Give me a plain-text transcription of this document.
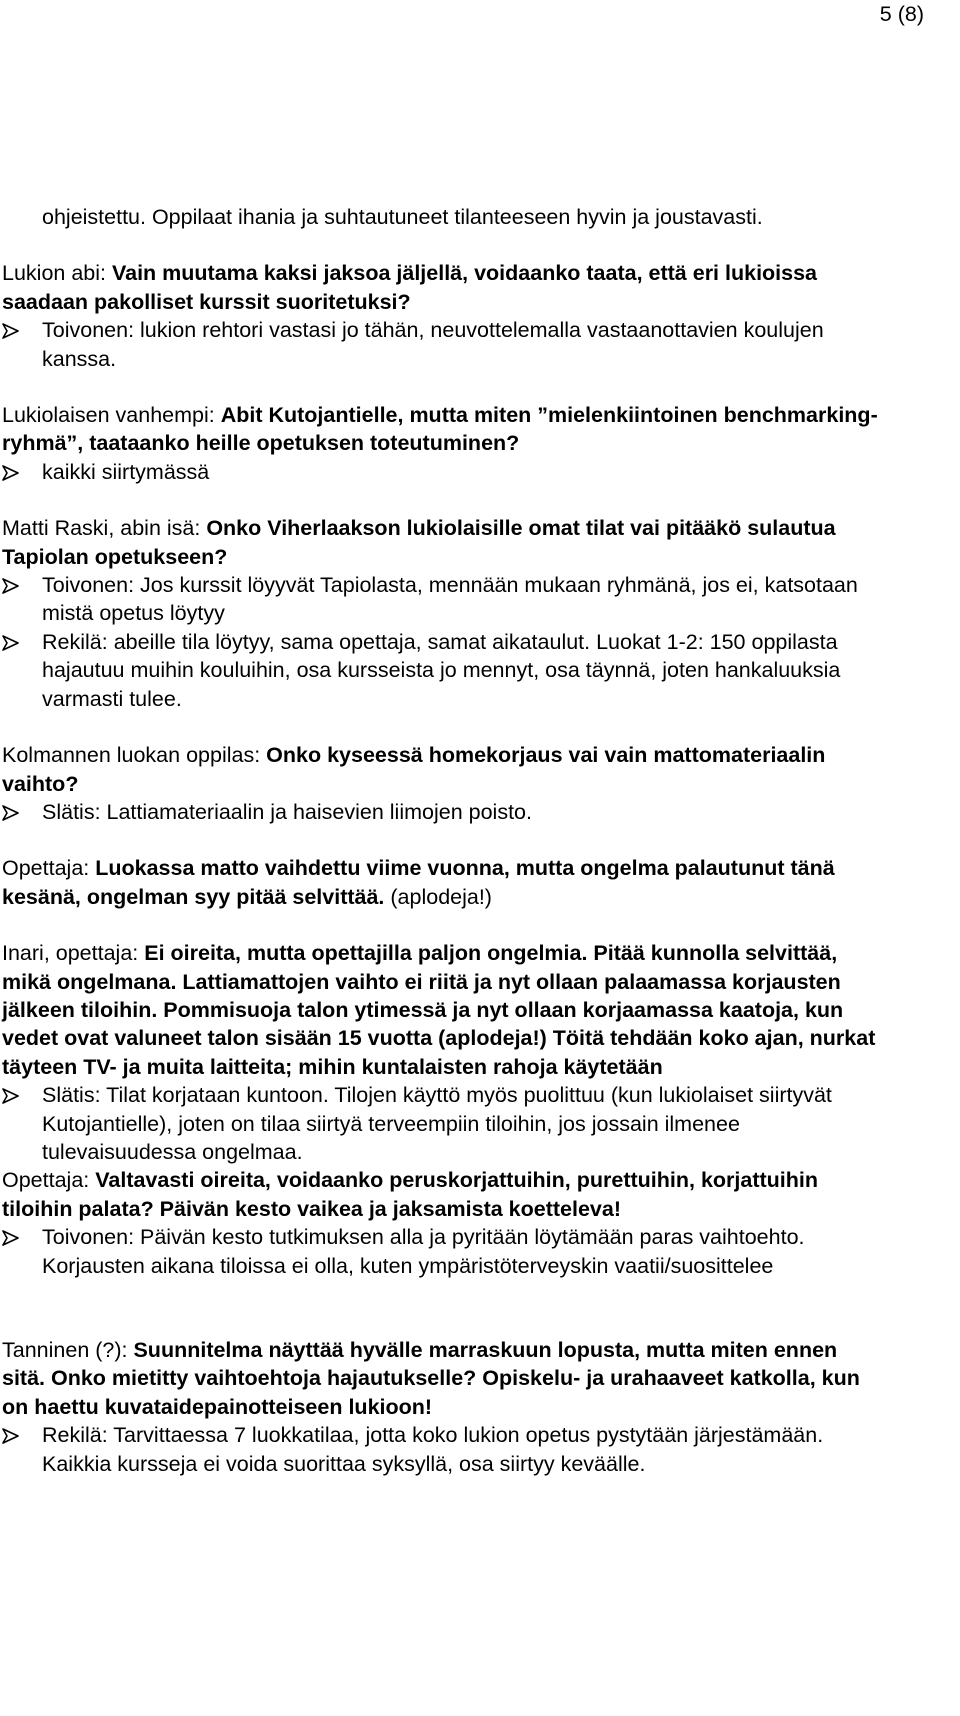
5 (8)

ohjeistettu. Oppilaat ihania ja suhtautuneet tilanteeseen hyvin ja joustavasti.

Lukion abi: Vain muutama kaksi jaksoa jäljellä, voidaanko taata, että eri lukioissa saadaan pakolliset kurssit suoritetuksi?

Toivonen: lukion rehtori vastasi jo tähän, neuvottelemalla vastaanottavien koulujen kanssa.

Lukiolaisen vanhempi: Abit Kutojantielle, mutta miten ”mielenkiintoinen benchmarking-ryhmä”, taataanko heille opetuksen toteutuminen?

kaikki siirtymässä

Matti Raski, abin isä: Onko Viherlaakson lukiolaisille omat tilat vai pitääkö sulautua Tapiolan opetukseen?

Toivonen: Jos kurssit löyyvät Tapiolasta, mennään mukaan ryhmänä, jos ei, katsotaan mistä opetus löytyy

Rekilä: abeille tila löytyy, sama opettaja, samat aikataulut. Luokat 1-2: 150 oppilasta hajautuu muihin kouluihin, osa kursseista jo mennyt, osa täynnä, joten hankaluuksia varmasti tulee.

Kolmannen luokan oppilas: Onko kyseessä homekorjaus vai vain mattomateriaalin vaihto?

Slätis: Lattiamateriaalin ja haisevien liimojen poisto.

Opettaja: Luokassa matto vaihdettu viime vuonna, mutta ongelma palautunut tänä kesänä, ongelman syy pitää selvittää. (aplodeja!)

Inari, opettaja: Ei oireita, mutta opettajilla paljon ongelmia. Pitää kunnolla selvittää, mikä ongelmana. Lattiamattojen vaihto ei riitä ja nyt ollaan palaamassa korjausten jälkeen tiloihin. Pommisuoja talon ytimessä ja nyt ollaan korjaamassa kaatoja, kun vedet ovat valuneet talon sisään 15 vuotta (aplodeja!) Töitä tehdään koko ajan, nurkat täyteen TV- ja muita laitteita; mihin kuntalaisten rahoja käytetään

Slätis: Tilat korjataan kuntoon. Tilojen käyttö myös puolittuu (kun lukiolaiset siirtyvät Kutojantielle), joten on tilaa siirtyä terveempiin tiloihin, jos jossain ilmenee tulevaisuudessa ongelmaa.

Opettaja: Valtavasti oireita, voidaanko peruskorjattuihin, purettuihin, korjattuihin tiloihin palata? Päivän kesto vaikea ja jaksamista koetteleva!

Toivonen: Päivän kesto tutkimuksen alla ja pyritään löytämään paras vaihtoehto. Korjausten aikana tiloissa ei olla, kuten ympäristöterveyskin vaatii/suosittelee

Tanninen (?): Suunnitelma näyttää hyvälle marraskuun lopusta, mutta miten ennen sitä. Onko mietitty vaihtoehtoja hajautukselle? Opiskelu- ja urahaaveet katkolla, kun on haettu kuvataidepainotteiseen lukioon!

Rekilä: Tarvittaessa 7 luokkatilaa, jotta koko lukion opetus pystytään järjestämään. Kaikkia kursseja ei voida suorittaa syksyllä, osa siirtyy keväälle.
